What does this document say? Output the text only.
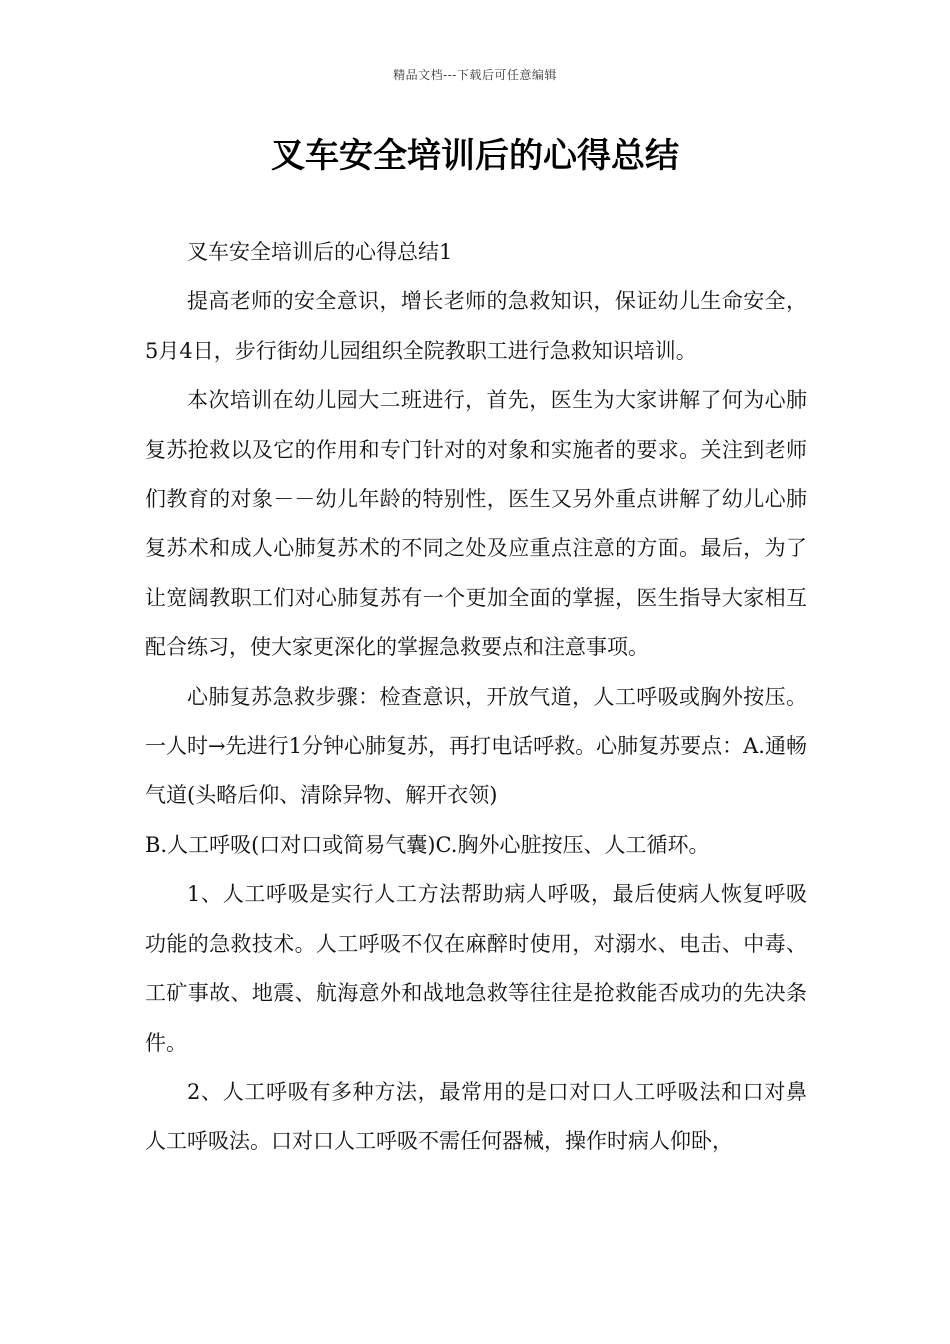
精品文档---下载后可任意编辑
叉车安全培训后的心得总结

叉车安全培训后的心得总结1

提高老师的安全意识，增长老师的急救知识，保证幼儿生命安全，5月4日，步行街幼儿园组织全院教职工进行急救知识培训。

本次培训在幼儿园大二班进行，首先，医生为大家讲解了何为心肺复苏抢救以及它的作用和专门针对的对象和实施者的要求。关注到老师们教育的对象－－幼儿年龄的特别性，医生又另外重点讲解了幼儿心肺复苏术和成人心肺复苏术的不同之处及应重点注意的方面。最后，为了让宽阔教职工们对心肺复苏有一个更加全面的掌握，医生指导大家相互配合练习，使大家更深化的掌握急救要点和注意事项。

心肺复苏急救步骤：检查意识，开放气道，人工呼吸或胸外按压。一人时→先进行1分钟心肺复苏，再打电话呼救。心肺复苏要点：A.通畅气道(头略后仰、清除异物、解开衣领)

B.人工呼吸(口对口或简易气囊)C.胸外心脏按压、人工循环。

1、人工呼吸是实行人工方法帮助病人呼吸，最后使病人恢复呼吸功能的急救技术。人工呼吸不仅在麻醉时使用，对溺水、电击、中毒、工矿事故、地震、航海意外和战地急救等往往是抢救能否成功的先决条件。

2、人工呼吸有多种方法，最常用的是口对口人工呼吸法和口对鼻人工呼吸法。口对口人工呼吸不需任何器械，操作时病人仰卧，
